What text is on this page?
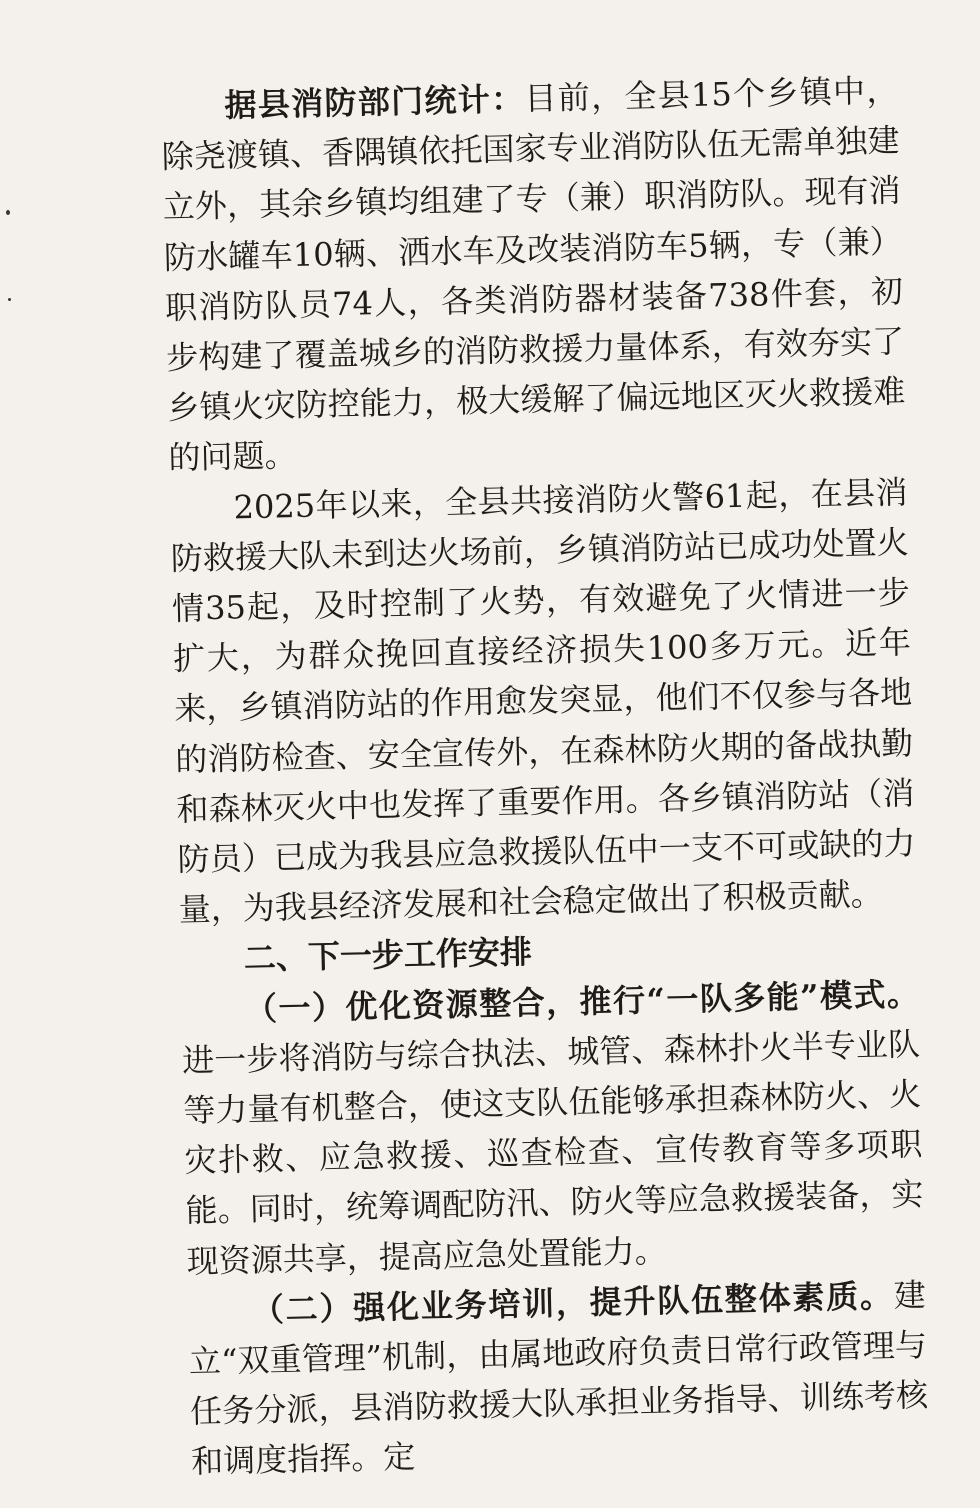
据县消防部门统计：目前，全县15个乡镇中，除尧渡镇、香隅镇依托国家专业消防队伍无需单独建立外，其余乡镇均组建了专（兼）职消防队。现有消防水罐车10辆、洒水车及改装消防车5辆，专（兼）职消防队员74人，各类消防器材装备738件套，初步构建了覆盖城乡的消防救援力量体系，有效夯实了乡镇火灾防控能力，极大缓解了偏远地区灭火救援难的问题。

2025年以来，全县共接消防火警61起，在县消防救援大队未到达火场前，乡镇消防站已成功处置火情35起，及时控制了火势，有效避免了火情进一步扩大，为群众挽回直接经济损失100多万元。近年来，乡镇消防站的作用愈发突显，他们不仅参与各地的消防检查、安全宣传外，在森林防火期的备战执勤和森林灭火中也发挥了重要作用。各乡镇消防站（消防员）已成为我县应急救援队伍中一支不可或缺的力量，为我县经济发展和社会稳定做出了积极贡献。

二、下一步工作安排

（一）优化资源整合，推行“一队多能”模式。进一步将消防与综合执法、城管、森林扑火半专业队等力量有机整合，使这支队伍能够承担森林防火、火灾扑救、应急救援、巡查检查、宣传教育等多项职能。同时，统筹调配防汛、防火等应急救援装备，实现资源共享，提高应急处置能力。

（二）强化业务培训，提升队伍整体素质。建立“双重管理”机制，由属地政府负责日常行政管理与任务分派，县消防救援大队承担业务指导、训练考核和调度指挥。定
